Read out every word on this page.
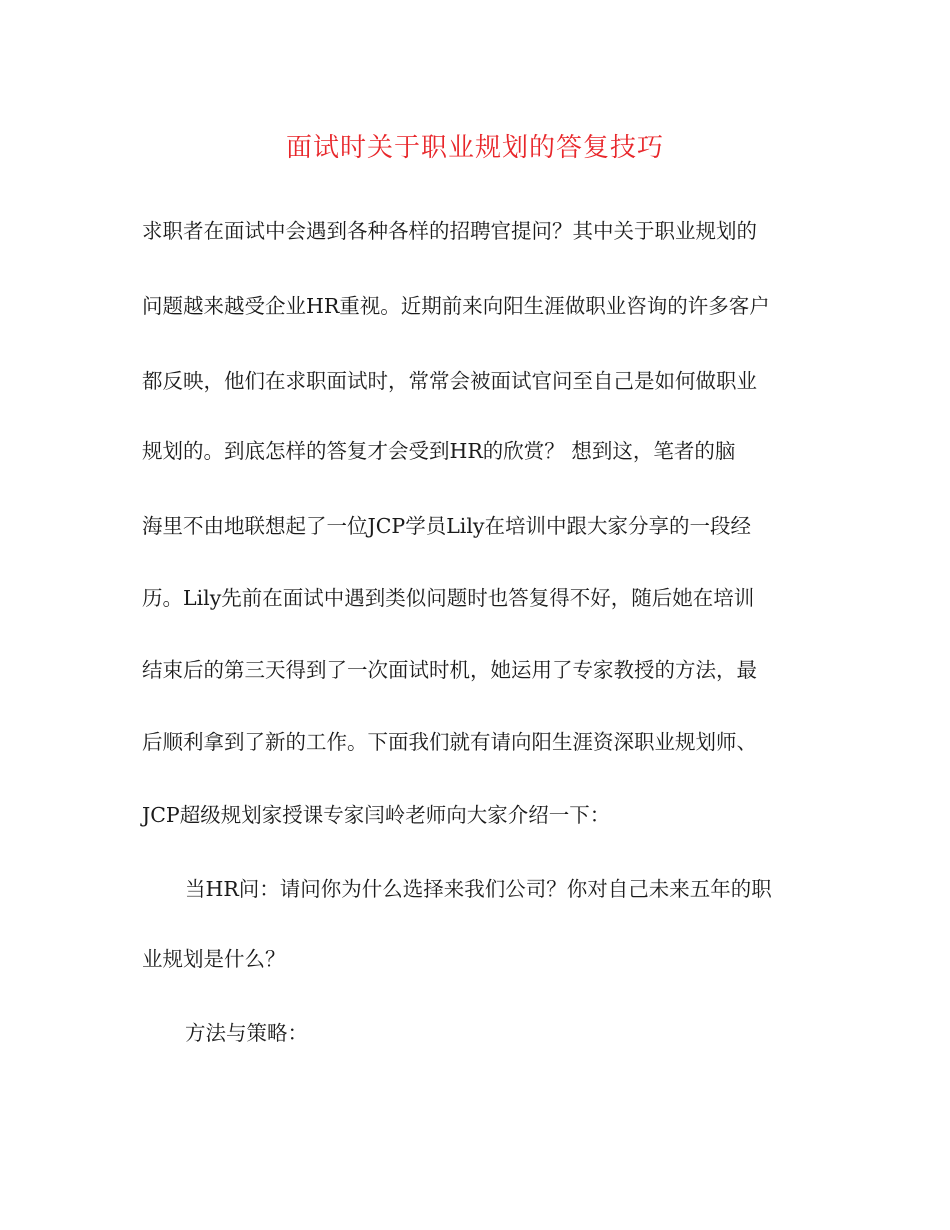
面试时关于职业规划的答复技巧

求职者在面试中会遇到各种各样的招聘官提问？其中关于职业规划的

问题越来越受企业HR重视。近期前来向阳生涯做职业咨询的许多客户

都反映，他们在求职面试时，常常会被面试官问至自己是如何做职业

规划的。到底怎样的答复才会受到HR的欣赏？ 想到这，笔者的脑

海里不由地联想起了一位JCP学员Lily在培训中跟大家分享的一段经

历。Lily先前在面试中遇到类似问题时也答复得不好，随后她在培训

结束后的第三天得到了一次面试时机，她运用了专家教授的方法，最

后顺利拿到了新的工作。下面我们就有请向阳生涯资深职业规划师、

JCP超级规划家授课专家闫岭老师向大家介绍一下：

当HR问：请问你为什么选择来我们公司？你对自己未来五年的职

业规划是什么？

方法与策略：
